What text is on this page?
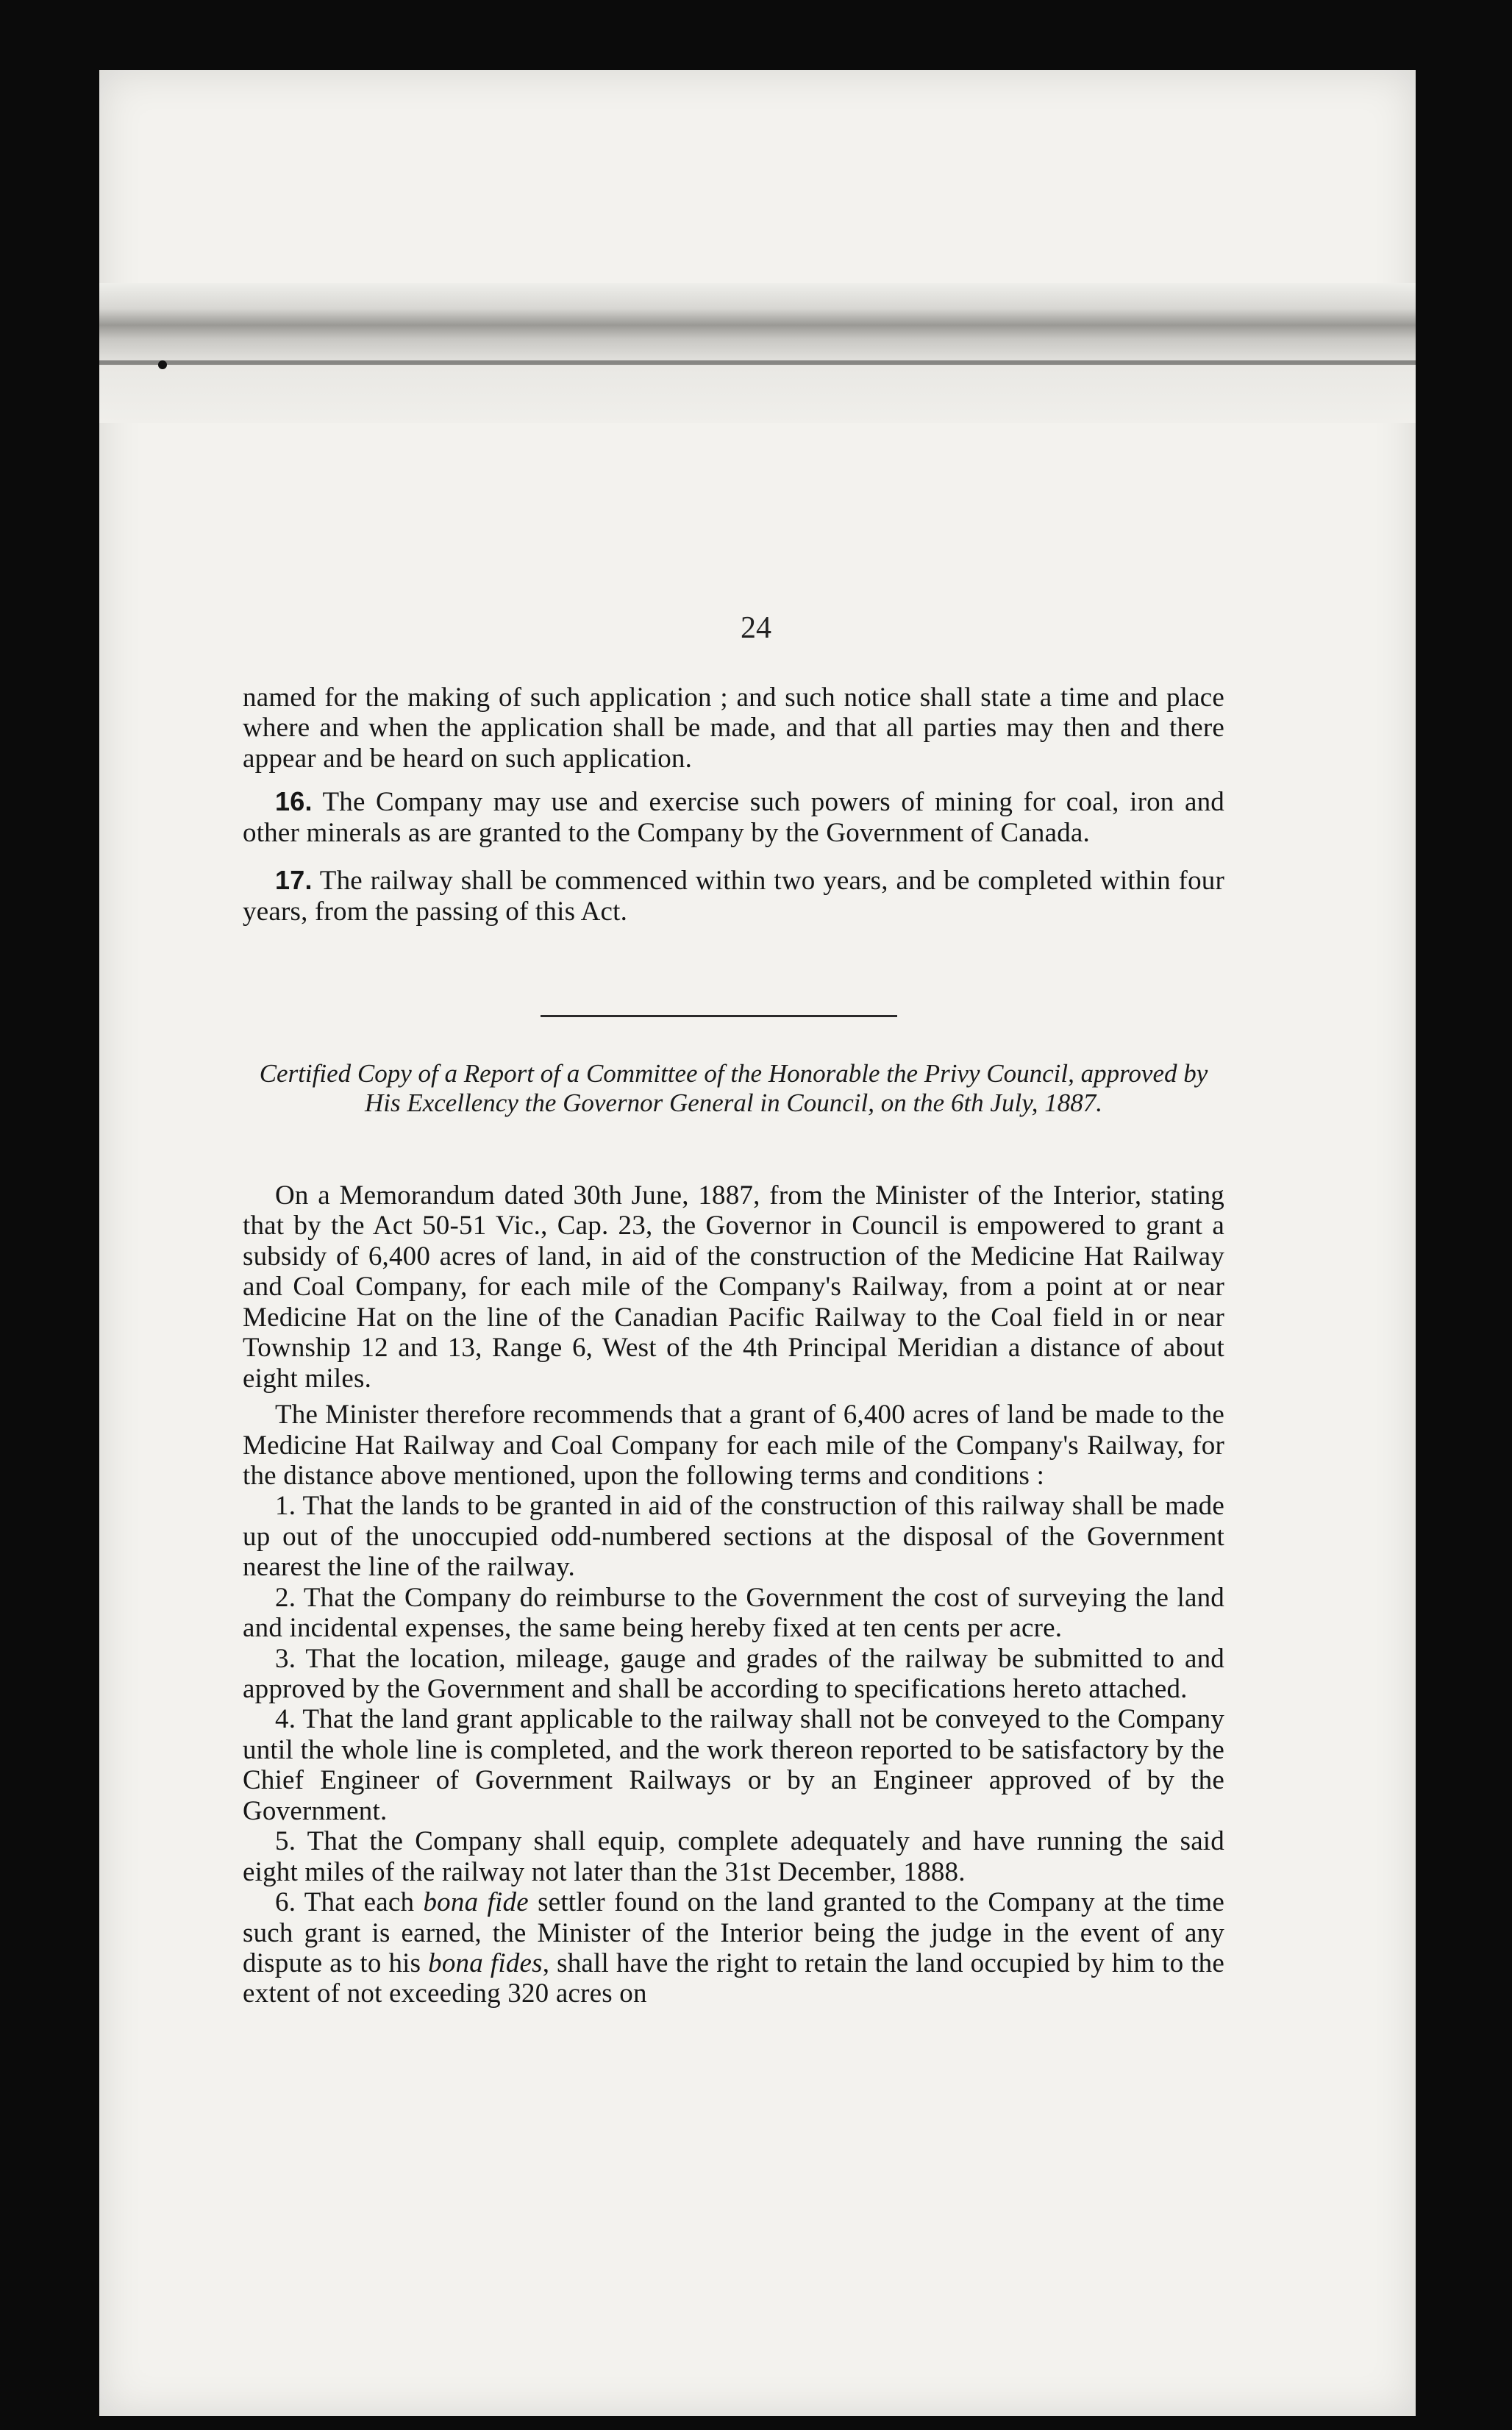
24

named for the making of such application ; and such notice shall state a time and place where and when the application shall be made, and that all parties may then and there appear and be heard on such application.

16. The Company may use and exercise such powers of mining for coal, iron and other minerals as are granted to the Company by the Government of Canada.

17. The railway shall be commenced within two years, and be completed within four years, from the passing of this Act.

Certified Copy of a Report of a Committee of the Honorable the Privy Council, approved by His Excellency the Governor General in Council, on the 6th July, 1887.

On a Memorandum dated 30th June, 1887, from the Minister of the Interior, stating that by the Act 50-51 Vic., Cap. 23, the Governor in Council is empowered to grant a subsidy of 6,400 acres of land, in aid of the construction of the Medicine Hat Railway and Coal Company, for each mile of the Company's Railway, from a point at or near Medicine Hat on the line of the Canadian Pacific Railway to the Coal field in or near Township 12 and 13, Range 6, West of the 4th Principal Meridian a distance of about eight miles.

The Minister therefore recommends that a grant of 6,400 acres of land be made to the Medicine Hat Railway and Coal Company for each mile of the Company's Railway, for the distance above mentioned, upon the following terms and conditions :

1. That the lands to be granted in aid of the construction of this railway shall be made up out of the unoccupied odd-numbered sections at the disposal of the Government nearest the line of the railway.

2. That the Company do reimburse to the Government the cost of surveying the land and incidental expenses, the same being hereby fixed at ten cents per acre.

3. That the location, mileage, gauge and grades of the railway be submitted to and approved by the Government and shall be according to specifications hereto attached.

4. That the land grant applicable to the railway shall not be conveyed to the Company until the whole line is completed, and the work thereon reported to be satisfactory by the Chief Engineer of Government Railways or by an Engineer approved of by the Government.

5. That the Company shall equip, complete adequately and have running the said eight miles of the railway not later than the 31st December, 1888.

6. That each bona fide settler found on the land granted to the Company at the time such grant is earned, the Minister of the Interior being the judge in the event of any dispute as to his bona fides, shall have the right to retain the land occupied by him to the extent of not exceeding 320 acres on
